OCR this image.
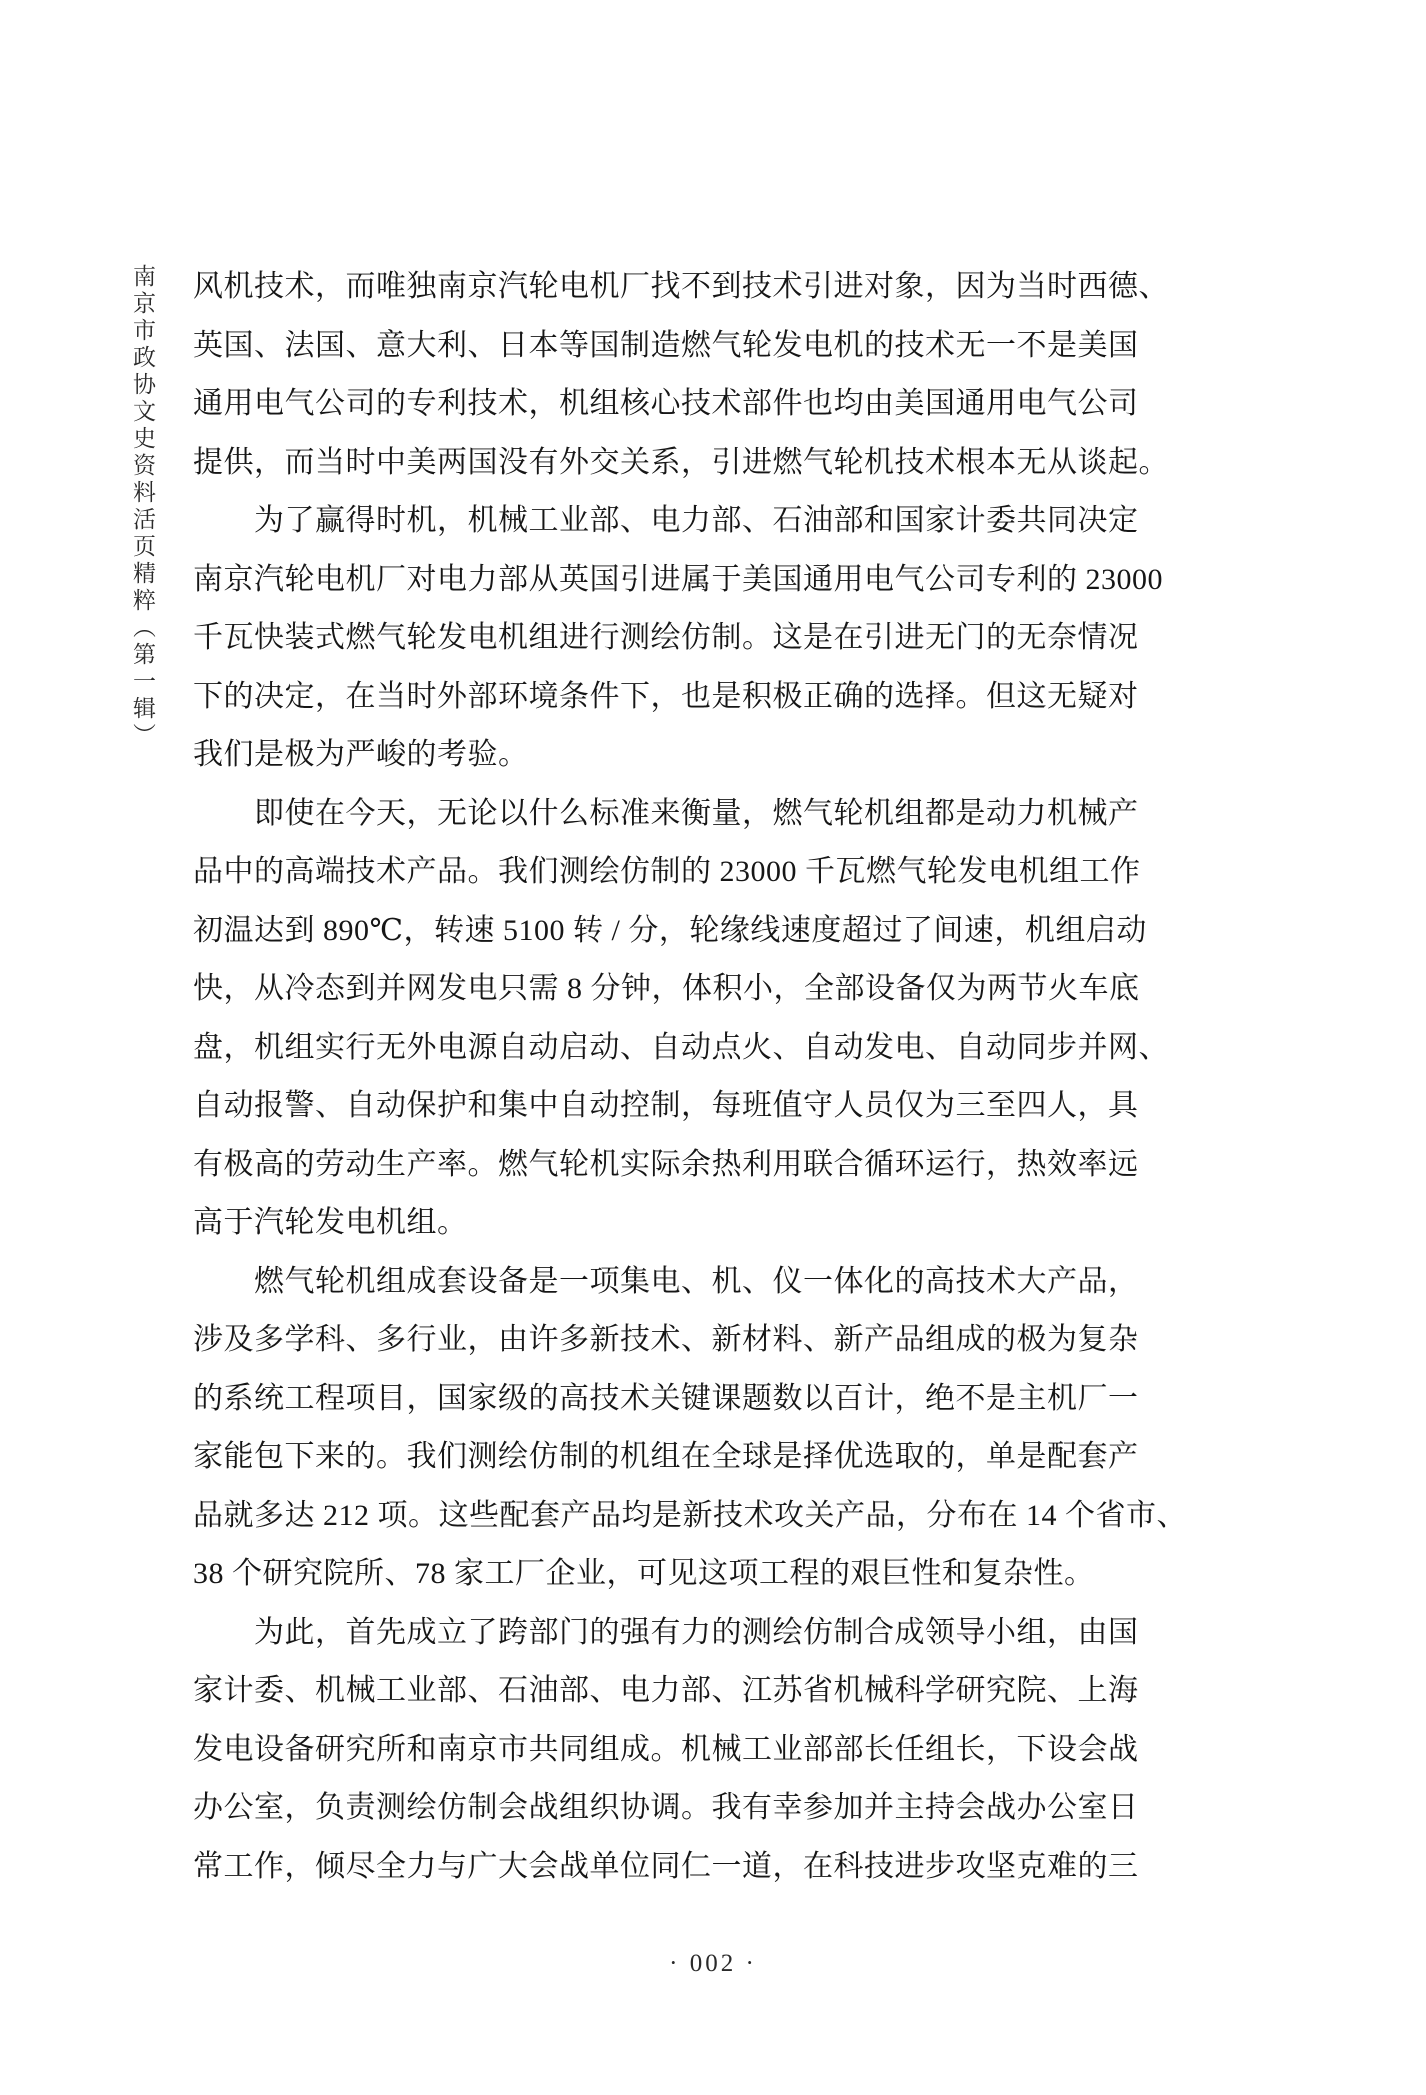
南京市政协文史资料活页精粹（第一辑） 风机技术，而唯独南京汽轮电机厂找不到技术引进对象，因为当时西德、

英国、法国、意大利、日本等国制造燃气轮发电机的技术无一不是美国

通用电气公司的专利技术，机组核心技术部件也均由美国通用电气公司

提供，而当时中美两国没有外交关系，引进燃气轮机技术根本无从谈起。

为了赢得时机，机械工业部、电力部、石油部和国家计委共同决定

南京汽轮电机厂对电力部从英国引进属于美国通用电气公司专利的 23000

千瓦快装式燃气轮发电机组进行测绘仿制。这是在引进无门的无奈情况

下的决定，在当时外部环境条件下，也是积极正确的选择。但这无疑对

我们是极为严峻的考验。

即使在今天，无论以什么标准来衡量，燃气轮机组都是动力机械产

品中的高端技术产品。我们测绘仿制的 23000 千瓦燃气轮发电机组工作

初温达到 890℃，转速 5100 转 / 分，轮缘线速度超过了间速，机组启动

快，从冷态到并网发电只需 8 分钟，体积小，全部设备仅为两节火车底

盘，机组实行无外电源自动启动、自动点火、自动发电、自动同步并网、

自动报警、自动保护和集中自动控制，每班值守人员仅为三至四人，具

有极高的劳动生产率。燃气轮机实际余热利用联合循环运行，热效率远

高于汽轮发电机组。

燃气轮机组成套设备是一项集电、机、仪一体化的高技术大产品，

涉及多学科、多行业，由许多新技术、新材料、新产品组成的极为复杂

的系统工程项目，国家级的高技术关键课题数以百计，绝不是主机厂一

家能包下来的。我们测绘仿制的机组在全球是择优选取的，单是配套产

品就多达 212 项。这些配套产品均是新技术攻关产品，分布在 14 个省市、

38 个研究院所、78 家工厂企业，可见这项工程的艰巨性和复杂性。

为此，首先成立了跨部门的强有力的测绘仿制合成领导小组，由国

家计委、机械工业部、石油部、电力部、江苏省机械科学研究院、上海

发电设备研究所和南京市共同组成。机械工业部部长任组长，下设会战

办公室，负责测绘仿制会战组织协调。我有幸参加并主持会战办公室日

常工作，倾尽全力与广大会战单位同仁一道，在科技进步攻坚克难的三

· 002 ·
